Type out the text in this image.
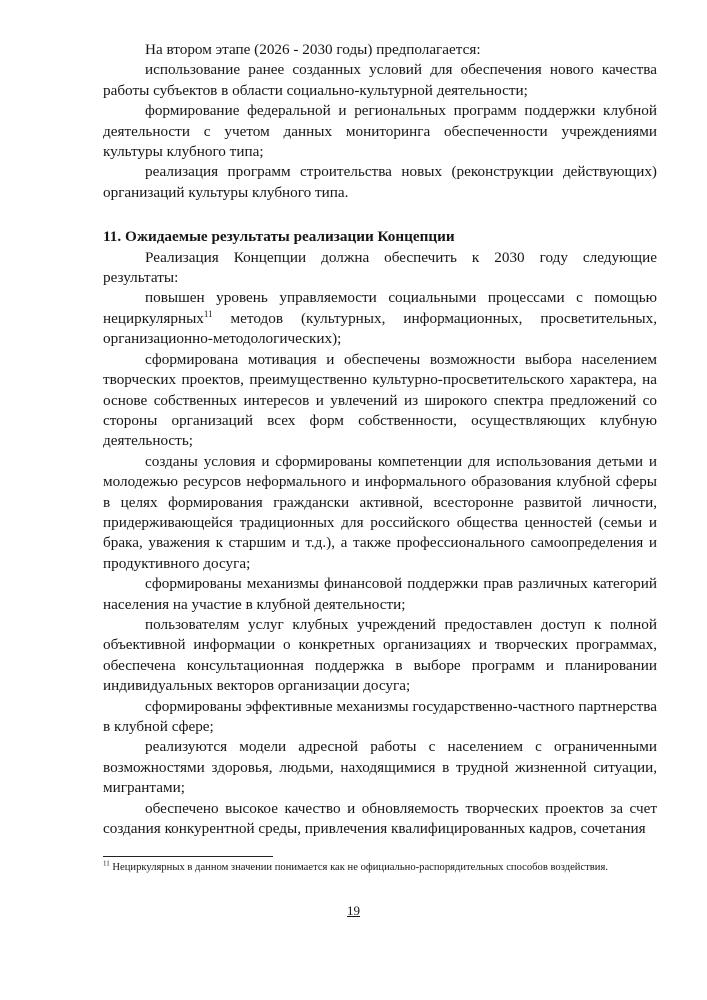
На втором этапе (2026 - 2030 годы) предполагается:

использование ранее созданных условий для обеспечения нового качества работы субъектов в области социально-культурной деятельности;

формирование федеральной и региональных программ поддержки клубной деятельности с учетом данных мониторинга обеспеченности учреждениями культуры клубного типа;

реализация программ строительства новых (реконструкции действующих) организаций культуры клубного типа.

11. Ожидаемые результаты реализации Концепции

Реализация Концепции должна обеспечить к 2030 году следующие результаты:

повышен уровень управляемости социальными процессами с помощью нециркулярных$^{11}$ методов (культурных, информационных, просветительных, организационно-методологических);

сформирована мотивация и обеспечены возможности выбора населением творческих проектов, преимущественно культурно-просветительского характера, на основе собственных интересов и увлечений из широкого спектра предложений со стороны организаций всех форм собственности, осуществляющих клубную деятельность;

созданы условия и сформированы компетенции для использования детьми и молодежью ресурсов неформального и информального образования клубной сферы в целях формирования граждански активной, всесторонне развитой личности, придерживающейся традиционных для российского общества ценностей (семьи и брака, уважения к старшим и т.д.), а также профессионального самоопределения и продуктивного досуга;

сформированы механизмы финансовой поддержки прав различных категорий населения на участие в клубной деятельности;

пользователям услуг клубных учреждений предоставлен доступ к полной объективной информации о конкретных организациях и творческих программах, обеспечена консультационная поддержка в выборе программ и планировании индивидуальных векторов организации досуга;

сформированы эффективные механизмы государственно-частного партнерства в клубной сфере;

реализуются модели адресной работы с населением с ограниченными возможностями здоровья, людьми, находящимися в трудной жизненной ситуации, мигрантами;

обеспечено высокое качество и обновляемость творческих проектов за счет создания конкурентной среды, привлечения квалифицированных кадров, сочетания

$^{11}$ Нециркулярных в данном значении понимается как не официально-распорядительных способов воздействия.
19
